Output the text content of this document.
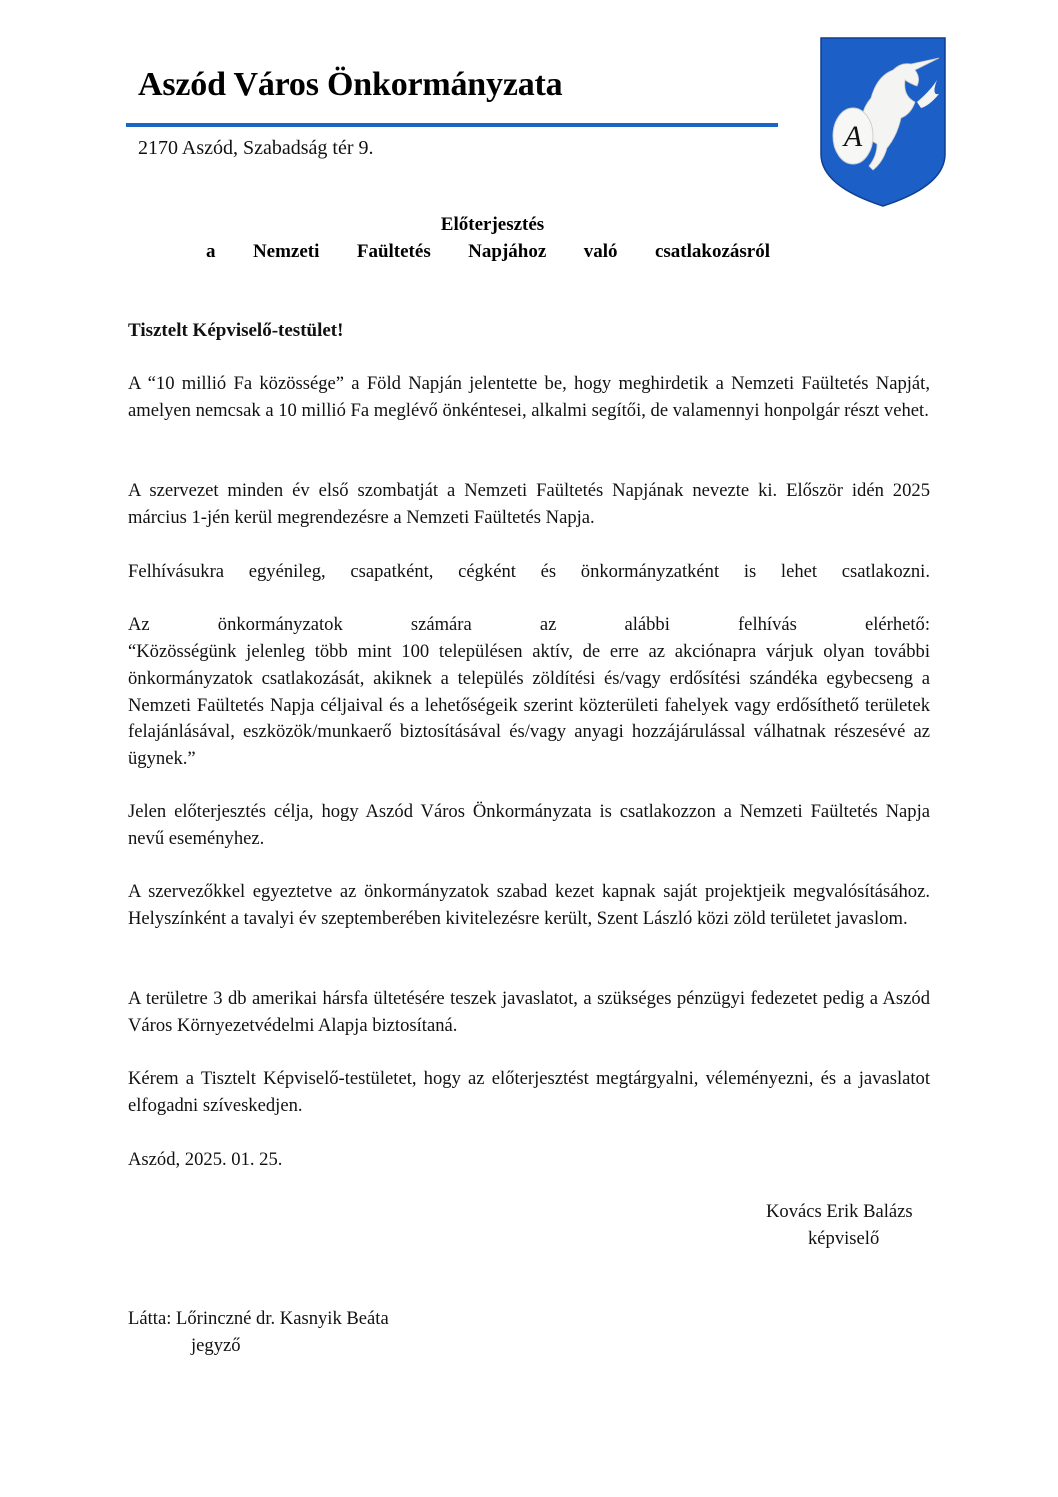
Aszód Város Önkormányzata
2170 Aszód, Szabadság tér 9.	A
Előterjesztés
a Nemzeti Faültetés Napjához való csatlakozásról
Tisztelt Képviselő-testület!

A “10 millió Fa közössége” a Föld Napján jelentette be, hogy meghirdetik a Nemzeti Faültetés Napját, amelyen nemcsak a 10 millió Fa meglévő önkéntesei, alkalmi segítői, de valamennyi honpolgár részt vehet.

A szervezet minden év első szombatját a Nemzeti Faültetés Napjának nevezte ki. Először idén 2025 március 1-jén kerül megrendezésre a Nemzeti Faültetés Napja.

Felhívásukra egyénileg, csapatként, cégként és önkormányzatként is lehet csatlakozni.

Az önkormányzatok számára az alábbi felhívás elérhető:

“Közösségünk jelenleg több mint 100 településen aktív, de erre az akciónapra várjuk olyan további önkormányzatok csatlakozását, akiknek a település zöldítési és/vagy erdősítési szándéka egybecseng a Nemzeti Faültetés Napja céljaival és a lehetőségeik szerint közterületi fahelyek vagy erdősíthető területek felajánlásával, eszközök/munkaerő biztosításával és/vagy anyagi hozzájárulással válhatnak részesévé az ügynek.”

Jelen előterjesztés célja, hogy Aszód Város Önkormányzata is csatlakozzon a Nemzeti Faültetés Napja nevű eseményhez.

A szervezőkkel egyeztetve az önkormányzatok szabad kezet kapnak saját projektjeik megvalósításához. Helyszínként a tavalyi év szeptemberében kivitelezésre került, Szent László közi zöld területet javaslom.

A területre 3 db amerikai hársfa ültetésére teszek javaslatot, a szükséges pénzügyi fedezetet pedig a Aszód Város Környezetvédelmi Alapja biztosítaná.

Kérem a Tisztelt Képviselő-testületet, hogy az előterjesztést megtárgyalni, véleményezni, és a javaslatot elfogadni szíveskedjen.

Aszód, 2025. 01. 25.
Kovács Erik Balázs
képviselő
Látta: Lőrinczné dr. Kasnyik Beáta
jegyző
